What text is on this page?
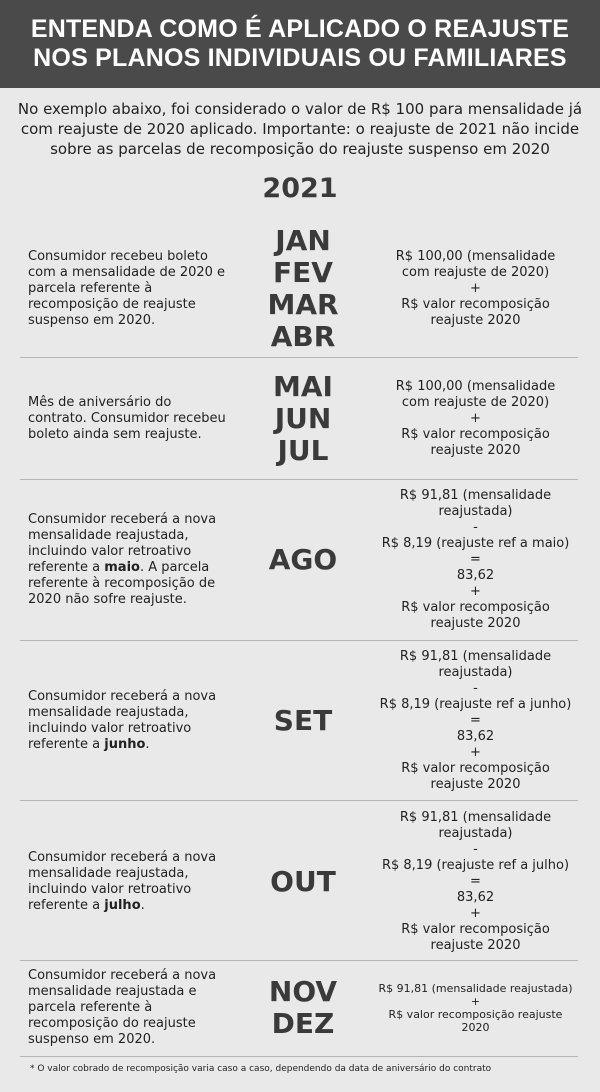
ENTENDA COMO É APLICADO O REAJUSTE
NOS PLANOS INDIVIDUAIS OU FAMILIARES
No exemplo abaixo, foi considerado o valor de R$ 100 para mensalidade já com reajuste de 2020 aplicado. Importante: o reajuste de 2021 não incide sobre as parcelas de recomposição do reajuste suspenso em 2020
2021
Consumidor recebeu boleto com a mensalidade de 2020 e parcela referente à recomposição de reajuste suspenso em 2020.
JAN
FEV
MAR
ABR
R$ 100,00 (mensalidade
com reajuste de 2020)
+
R$ valor recomposição
reajuste 2020
Mês de aniversário do contrato. Consumidor recebeu boleto ainda sem reajuste.
MAI
JUN
JUL
R$ 100,00 (mensalidade
com reajuste de 2020)
+
R$ valor recomposição
reajuste 2020
Consumidor receberá a nova mensalidade reajustada, incluindo valor retroativo referente a maio. A parcela referente à recomposição de 2020 não sofre reajuste.
AGO
R$ 91,81 (mensalidade
reajustada)
-
R$ 8,19 (reajuste ref a maio)
=
83,62
+
R$ valor recomposição
reajuste 2020
Consumidor receberá a nova mensalidade reajustada, incluindo valor retroativo referente a junho.
SET
R$ 91,81 (mensalidade
reajustada)
-
R$ 8,19 (reajuste ref a junho)
=
83,62
+
R$ valor recomposição
reajuste 2020
Consumidor receberá a nova mensalidade reajustada, incluindo valor retroativo referente a julho.
OUT
R$ 91,81 (mensalidade
reajustada)
-
R$ 8,19 (reajuste ref a julho)
=
83,62
+
R$ valor recomposição
reajuste 2020
Consumidor receberá a nova mensalidade reajustada e parcela referente à recomposição do reajuste suspenso em 2020.
NOV
DEZ
R$ 91,81 (mensalidade reajustada)
+
R$ valor recomposição reajuste
2020
* O valor cobrado de recomposição varia caso a caso, dependendo da data de aniversário do contrato
